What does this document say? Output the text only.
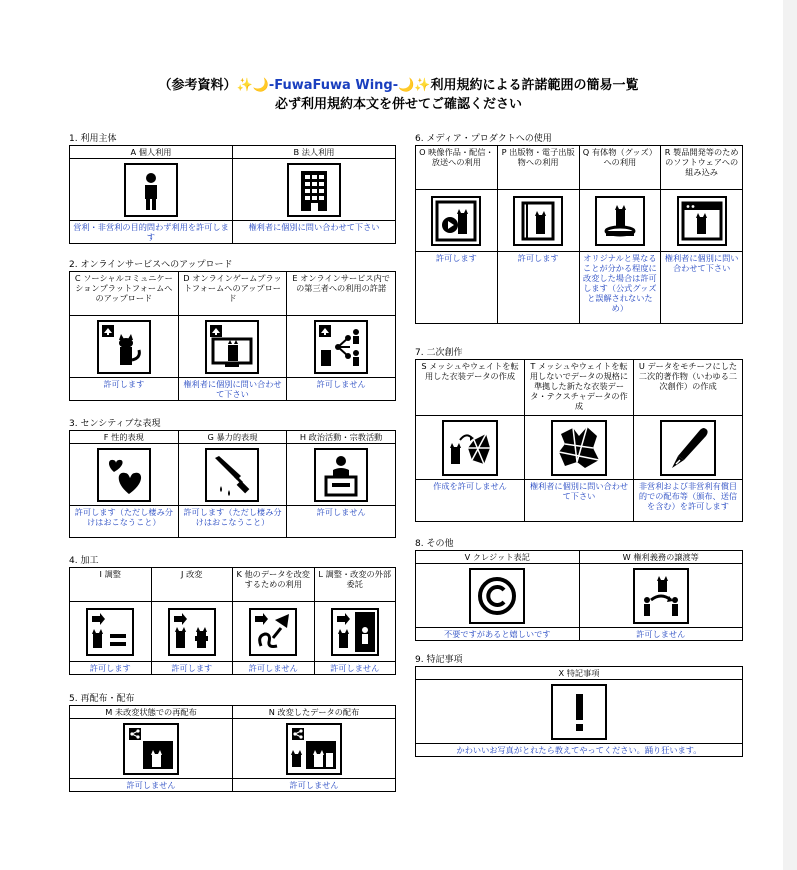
（参考資料）✨🌙-FuwaFuwa Wing-🌙✨利用規約による許諾範囲の簡易一覧
必ず利用規約本文を併せてご確認ください
1. 利用主体
A 個人利用	B 法人利用

営利・非営利の目的問わず利用を許可します	権利者に個別に問い合わせて下さい
2. オンラインサービスへのアップロード
C ソーシャルコミュニケーションプラットフォームへのアップロード	D オンラインゲームプラットフォームへのアップロード	E オンラインサービス内での第三者への利用の許諾

許可します	権利者に個別に問い合わせて下さい	許可しません
3. センシティブな表現
F 性的表現	G 暴力的表現	H 政治活動・宗教活動

許可します（ただし棲み分けはおこなうこと）	許可します（ただし棲み分けはおこなうこと）	許可しません
4. 加工
I 調整	J 改変	K 他のデータを改変するための利用	L 調整・改変の外部委託

許可します	許可します	許可しません	許可しません
5. 再配布・配布
M 未改変状態での再配布	N 改変したデータの配布

許可しません	許可しません
6. メディア・プロダクトへの使用
O 映像作品・配信・放送への利用	P 出版物・電子出版物への利用	Q 有体物（グッズ）への利用	R 製品開発等のためのソフトウェアへの組み込み

許可します	許可します	オリジナルと異なることが分かる程度に改変した場合は許可します（公式グッズと誤解されないため）	権利者に個別に問い合わせて下さい
7. 二次創作
S メッシュやウェイトを転用した衣装データの作成	T メッシュやウェイトを転用しないでデータの規格に準拠した新たな衣装データ・テクスチャデータの作成	U データをモチーフにした二次的著作物（いわゆる二次創作）の作成

作成を許可しません	権利者に個別に問い合わせて下さい	非営利および非営利有償目的での配布等（頒布、送信を含む）を許可します
8. その他
V クレジット表記	W 権利義務の譲渡等

不要ですがあると嬉しいです	許可しません
9. 特記事項
X 特記事項

かわいいお写真がとれたら教えてやってください。踊り狂います。
